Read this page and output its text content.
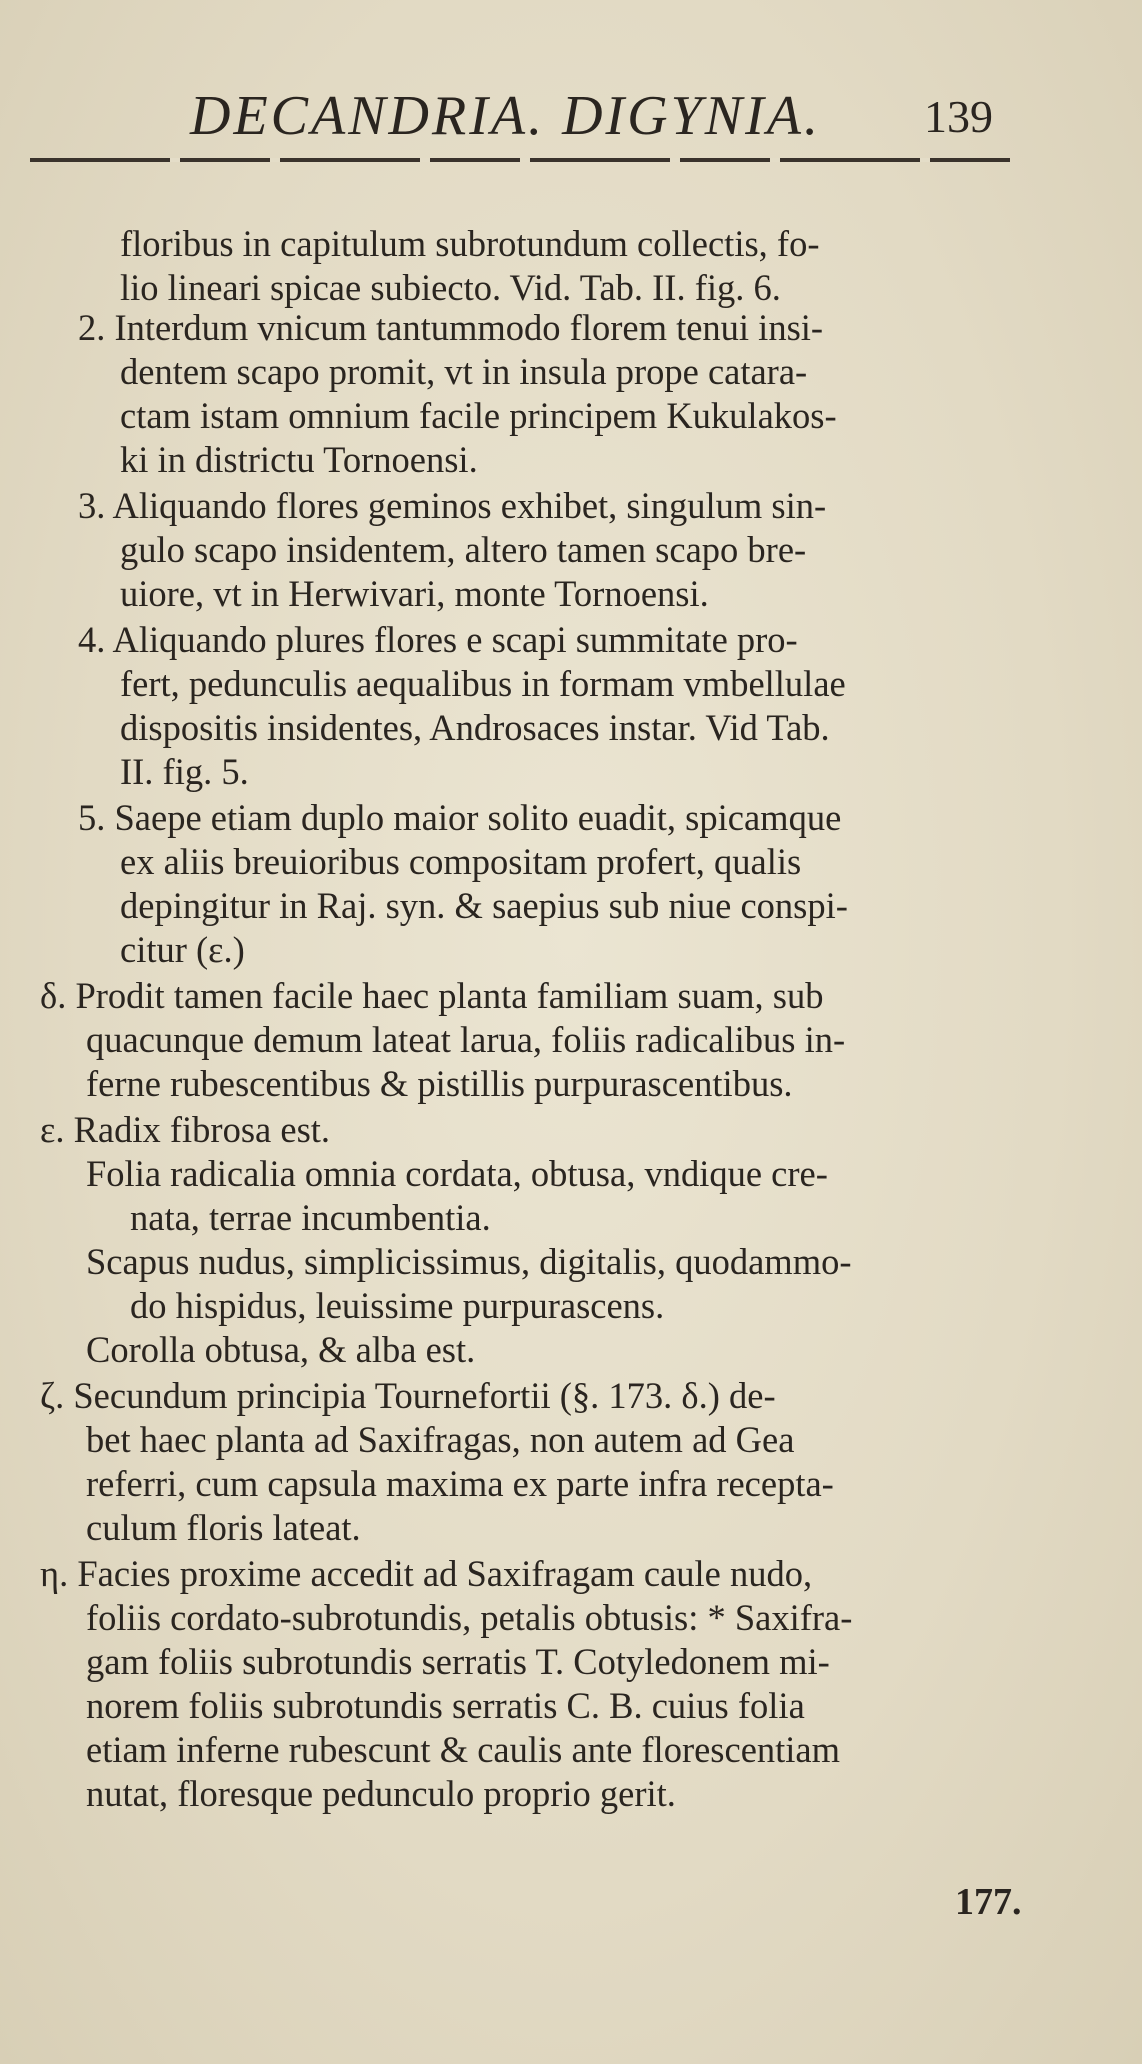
DECANDRIA. DIGYNIA.	139
floribus in capitulum subrotundum collectis, fo-
lio lineari spicae subiecto. Vid. Tab. II. fig. 6.
2. Interdum vnicum tantummodo florem tenui insi-
dentem scapo promit, vt in insula prope catara-
ctam istam omnium facile principem Kukulakos-
ki in districtu Tornoensi.
3. Aliquando flores geminos exhibet, singulum sin-
gulo scapo insidentem, altero tamen scapo bre-
uiore, vt in Herwivari, monte Tornoensi.
4. Aliquando plures flores e scapi summitate pro-
fert, pedunculis aequalibus in formam vmbellulae
dispositis insidentes, Androsaces instar. Vid Tab.
II. fig. 5.
5. Saepe etiam duplo maior solito euadit, spicamque
ex aliis breuioribus compositam profert, qualis
depingitur in Raj. syn. & saepius sub niue conspi-
citur (ε.)
δ. Prodit tamen facile haec planta familiam suam, sub
quacunque demum lateat larua, foliis radicalibus in-
ferne rubescentibus & pistillis purpurascentibus.
ε. Radix fibrosa est.
Folia radicalia omnia cordata, obtusa, vndique cre-
nata, terrae incumbentia.
Scapus nudus, simplicissimus, digitalis, quodammo-
do hispidus, leuissime purpurascens.
Corolla obtusa, & alba est.
ζ. Secundum principia Tournefortii (§. 173. δ.) de-
bet haec planta ad Saxifragas, non autem ad Gea
referri, cum capsula maxima ex parte infra recepta-
culum floris lateat.
η. Facies proxime accedit ad Saxifragam caule nudo,
foliis cordato-subrotundis, petalis obtusis: * Saxifra-
gam foliis subrotundis serratis T. Cotyledonem mi-
norem foliis subrotundis serratis C. B. cuius folia
etiam inferne rubescunt & caulis ante florescentiam
nutat, floresque pedunculo proprio gerit.
177.
